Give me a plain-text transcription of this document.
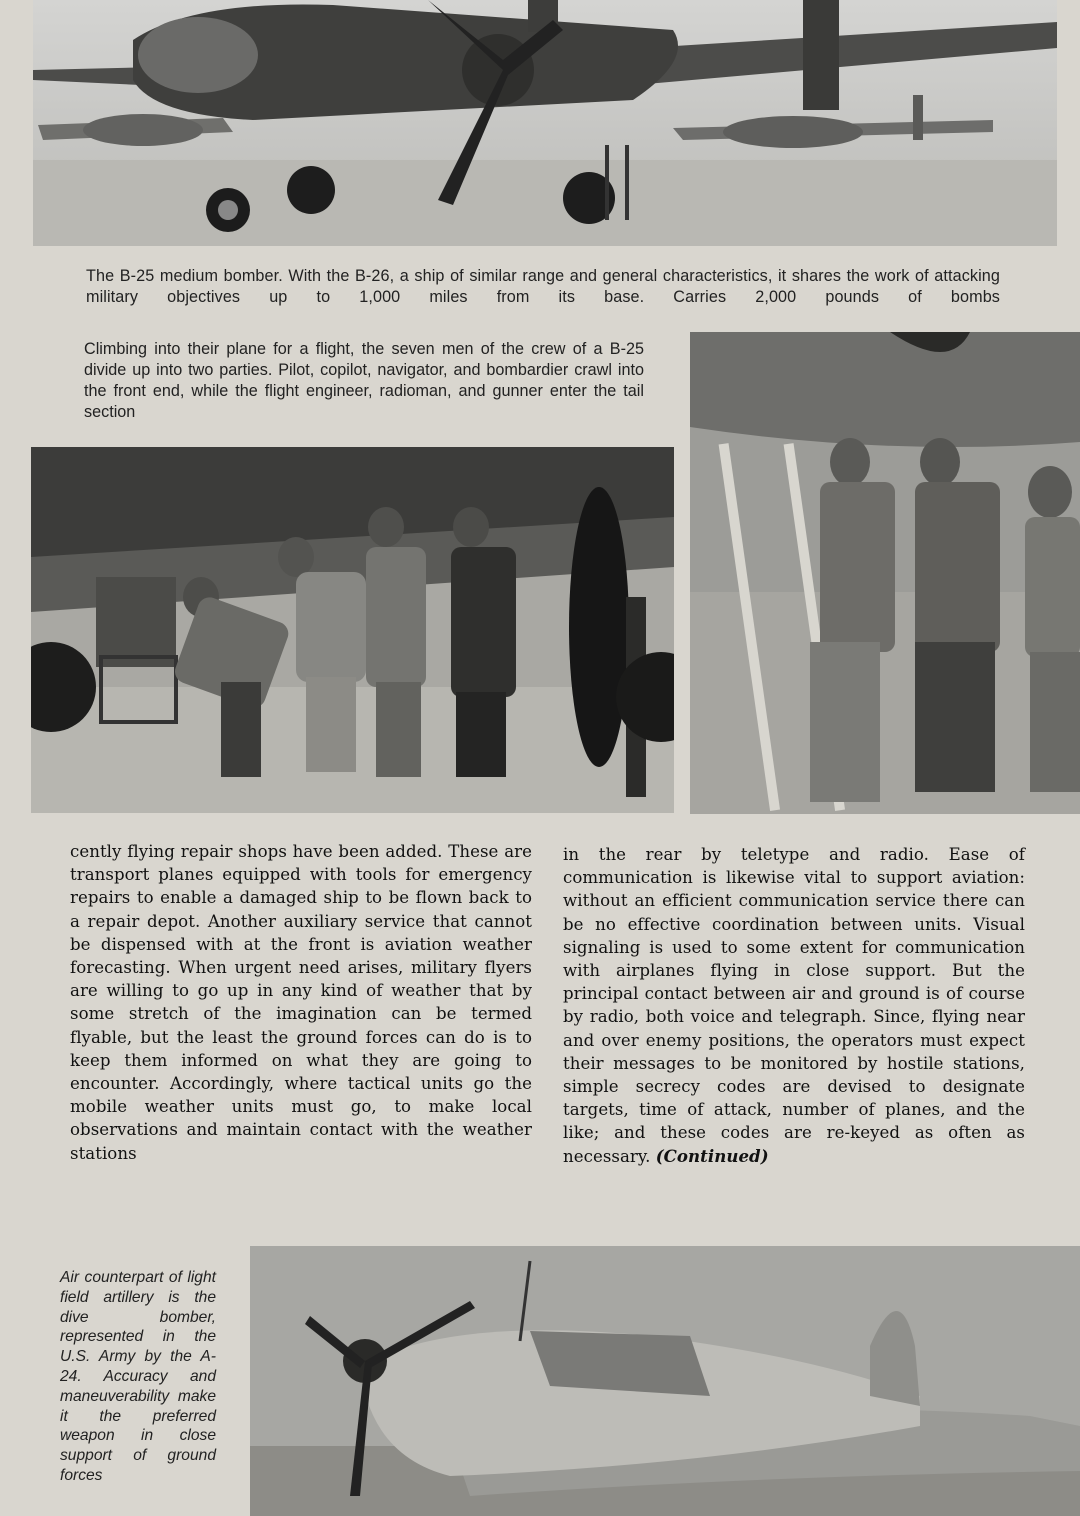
The B-25 medium bomber. With the B-26, a ship of similar range and general characteristics, it shares the work of attacking military objectives up to 1,000 miles from its base. Carries 2,000 pounds of bombs
Climbing into their plane for a flight, the seven men of the crew of a B-25 divide up into two parties. Pilot, copilot, navigator, and bombardier crawl into the front end, while the flight engineer, radioman, and gunner enter the tail section
cently flying repair shops have been added. These are transport planes equipped with tools for emergency repairs to enable a damaged ship to be flown back to a repair depot. Another auxiliary service that cannot be dispensed with at the front is aviation weather forecasting. When urgent need arises, military flyers are willing to go up in any kind of weather that by some stretch of the imagination can be termed flyable, but the least the ground forces can do is to keep them informed on what they are going to encounter. Accordingly, where tactical units go the mobile weather units must go, to make local observations and maintain contact with the weather stations
in the rear by teletype and radio. Ease of communication is likewise vital to support aviation: without an efficient communication service there can be no effective coordination between units. Visual signaling is used to some extent for communication with airplanes flying in close support. But the principal contact between air and ground is of course by radio, both voice and telegraph. Since, flying near and over enemy positions, the operators must expect their messages to be monitored by hostile stations, simple secrecy codes are devised to designate targets, time of attack, number of planes, and the like; and these codes are re-keyed as often as necessary. (Continued)
Air counterpart of light field artillery is the dive bomber, represented in the U.S. Army by the A-24. Accuracy and maneuverability make it the preferred weapon in close support of ground forces
